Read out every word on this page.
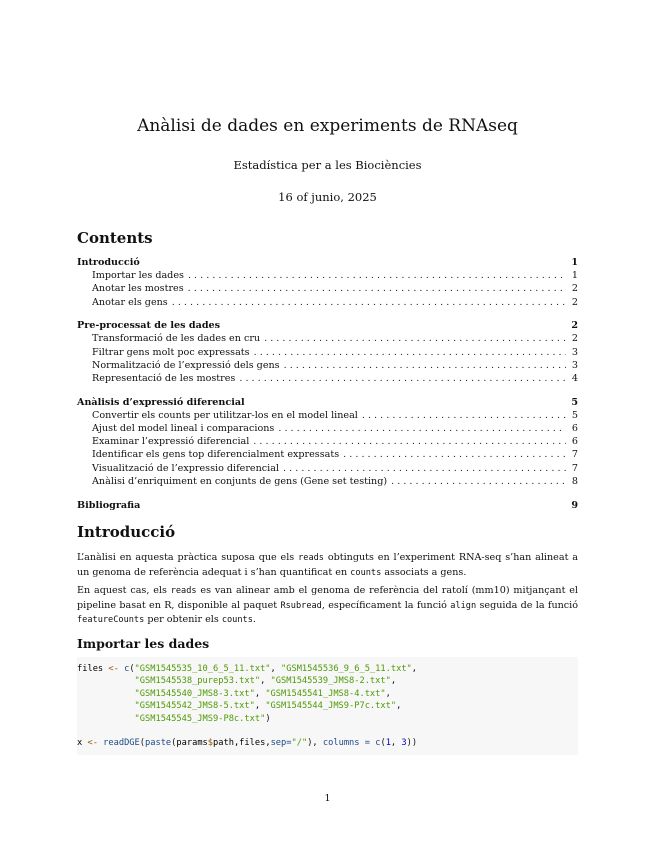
Anàlisi de dades en experiments de RNAseq
Estadística per a les Biociències
16 of junio, 2025
Contents
Introducció	1
Importar les dades . . .	1
Anotar les mostres . . .	2
Anotar els gens . . .	2
Pre-processat de les dades	2
Transformació de les dades en cru . . .	2
Filtrar gens molt poc expressats . . .	3
Normalització de l’expressió dels gens . . .	3
Representació de les mostres . . .	4
Anàlisis d’expressió diferencial	5
Convertir els counts per utilitzar-los en el model lineal . . .	5
Ajust del model lineal i comparacions . . .	6
Examinar l’expressió diferencial . . .	6
Identificar els gens top diferencialment expressats . . .	7
Visualització de l’expressio diferencial . . .	7
Anàlisi d’enriquiment en conjunts de gens (Gene set testing) . . .	8
Bibliografia	9
Introducció

L’anàlisi en aquesta pràctica suposa que els reads obtinguts en l’experiment RNA-seq s’han alineat a un genoma de referència adequat i s’han quantificat en counts associats a gens.

En aquest cas, els reads es van alinear amb el genoma de referència del ratolí (mm10) mitjançant el pipeline basat en R, disponible al paquet Rsubread, específicament la funció align seguida de la funció featureCounts per obtenir els counts.

Importar les dades
files <- c("GSM1545535_10_6_5_11.txt", "GSM1545536_9_6_5_11.txt",
"GSM1545538_purep53.txt", "GSM1545539_JMS8-2.txt",
"GSM1545540_JMS8-3.txt", "GSM1545541_JMS8-4.txt",
"GSM1545542_JMS8-5.txt", "GSM1545544_JMS9-P7c.txt",
"GSM1545545_JMS9-P8c.txt")
x <- readDGE(paste(params$path,files,sep="/"), columns = c(1, 3))
1
